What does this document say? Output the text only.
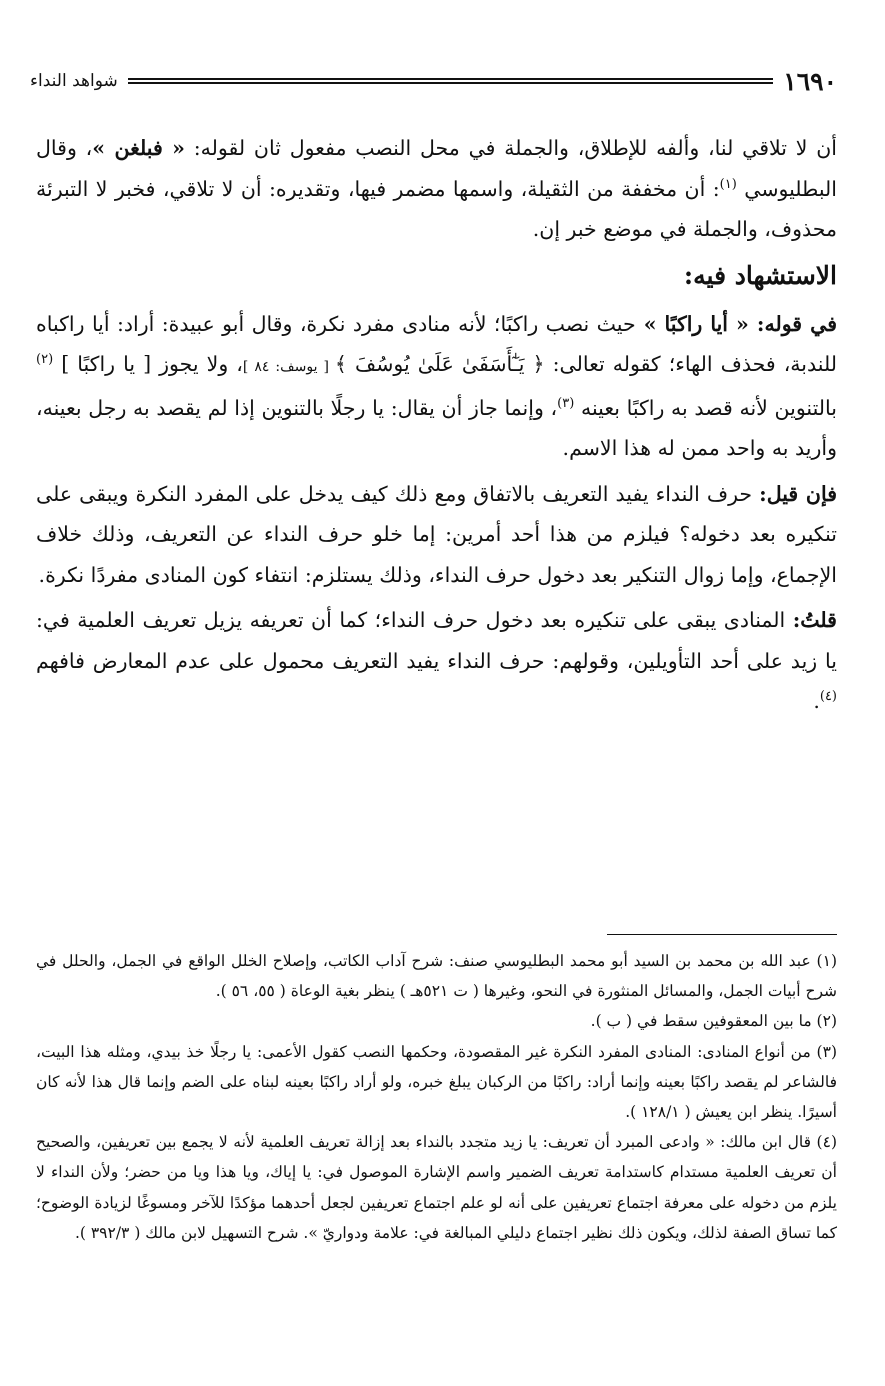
١٦٩٠
شواهد النداء

أن لا تلاقي لنا، وألفه للإطلاق، والجملة في محل النصب مفعول ثان لقوله: « فبلغن »، وقال البطليوسي $^{(١)}$: أن مخففة من الثقيلة، واسمها مضمر فيها، وتقديره: أن لا تلاقي، فخبر لا التبرئة محذوف، والجملة في موضع خبر إن.

الاستشهاد فيه:

في قوله: « أيا راكبًا » حيث نصب راكبًا؛ لأنه منادى مفرد نكرة، وقال أبو عبيدة: أراد: أيا راكباه للندبة، فحذف الهاء؛ كقوله تعالى: ﴿ يَـٰٓأَسَفَىٰ عَلَىٰ يُوسُفَ ﴾ [ يوسف: ٨٤ ]، ولا يجوز [ يا راكبًا ] $^{(٢)}$ بالتنوين لأنه قصد به راكبًا بعينه $^{(٣)}$، وإنما جاز أن يقال: يا رجلًا بالتنوين إذا لم يقصد به رجل بعينه، وأريد به واحد ممن له هذا الاسم.

فإن قيل: حرف النداء يفيد التعريف بالاتفاق ومع ذلك كيف يدخل على المفرد النكرة ويبقى على تنكيره بعد دخوله؟ فيلزم من هذا أحد أمرين: إما خلو حرف النداء عن التعريف، وذلك خلاف الإجماع، وإما زوال التنكير بعد دخول حرف النداء، وذلك يستلزم: انتفاء كون المنادى مفردًا نكرة.

قلتُ: المنادى يبقى على تنكيره بعد دخول حرف النداء؛ كما أن تعريفه يزيل تعريف العلمية في: يا زيد على أحد التأويلين، وقولهم: حرف النداء يفيد التعريف محمول على عدم المعارض فافهم $^{(٤)}$.

(١) عبد الله بن محمد بن السيد أبو محمد البطليوسي صنف: شرح آداب الكاتب، وإصلاح الخلل الواقع في الجمل، والحلل في شرح أبيات الجمل، والمسائل المنثورة في النحو، وغيرها ( ت ٥٢١هـ ) ينظر بغية الوعاة ( ٥٥، ٥٦ ).

(٢) ما بين المعقوفين سقط في ( ب ).

(٣) من أنواع المنادى: المنادى المفرد النكرة غير المقصودة، وحكمها النصب كقول الأعمى: يا رجلًا خذ بيدي، ومثله هذا البيت، فالشاعر لم يقصد راكبًا بعينه وإنما أراد: راكبًا من الركبان يبلغ خبره، ولو أراد راكبًا بعينه لبناه على الضم وإنما قال هذا لأنه كان أسيرًا. ينظر ابن يعيش ( ١٢٨/١ ).

(٤) قال ابن مالك: « وادعى المبرد أن تعريف: يا زيد متجدد بالنداء بعد إزالة تعريف العلمية لأنه لا يجمع بين تعريفين، والصحيح أن تعريف العلمية مستدام كاستدامة تعريف الضمير واسم الإشارة الموصول في: يا إياك، ويا هذا ويا من حضر؛ ولأن النداء لا يلزم من دخوله على معرفة اجتماع تعريفين على أنه لو علم اجتماع تعريفين لجعل أحدهما مؤكدًا للآخر ومسوغًا لزيادة الوضوح؛ كما تساق الصفة لذلك، ويكون ذلك نظير اجتماع دليلي المبالغة في: علامة ودواريّ ». شرح التسهيل لابن مالك ( ٣٩٢/٣ ).
